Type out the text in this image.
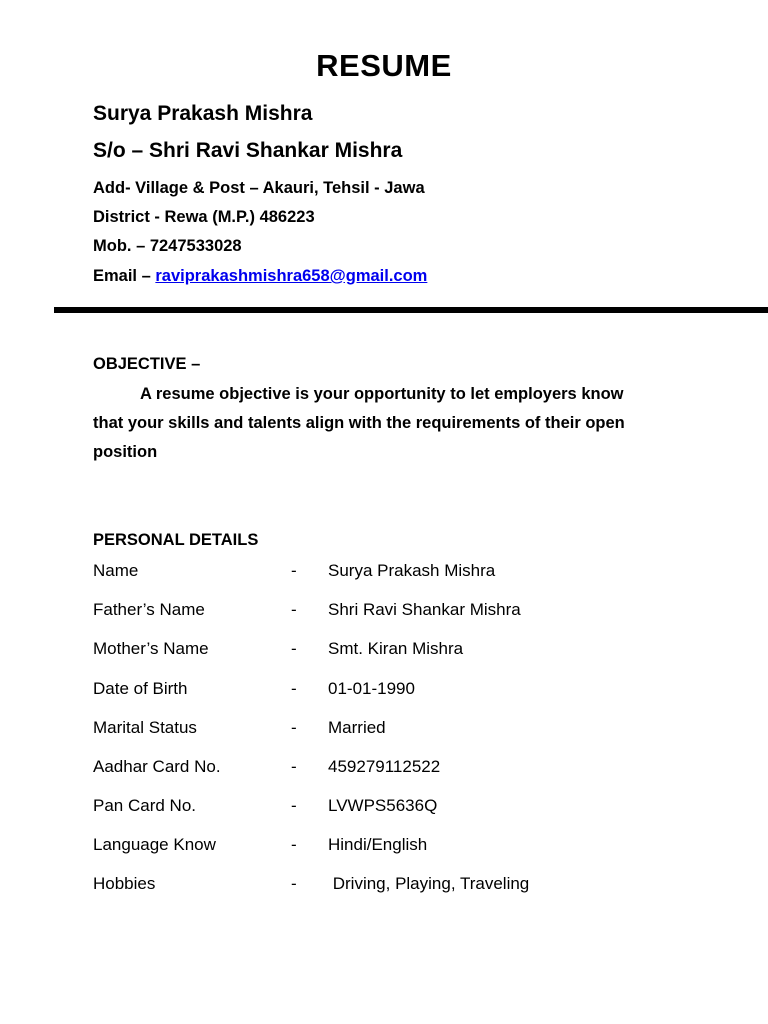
RESUME
Surya Prakash Mishra
S/o – Shri Ravi Shankar Mishra
Add- Village & Post – Akauri, Tehsil - Jawa
District - Rewa (M.P.) 486223
Mob. – 7247533028
Email – raviprakashmishra658@gmail.com
OBJECTIVE –
A resume objective is your opportunity to let employers know
that your skills and talents align with the requirements of their open
position
PERSONAL DETAILS
Name	- Surya Prakash Mishra
Father’s Name	- Shri Ravi Shankar Mishra
Mother’s Name	- Smt. Kiran Mishra
Date of Birth	- 01-01-1990
Marital Status	- Married
Aadhar Card No.	- 459279112522
Pan Card No.	- LVWPS5636Q
Language Know	- Hindi/English
Hobbies	- Driving, Playing, Traveling
